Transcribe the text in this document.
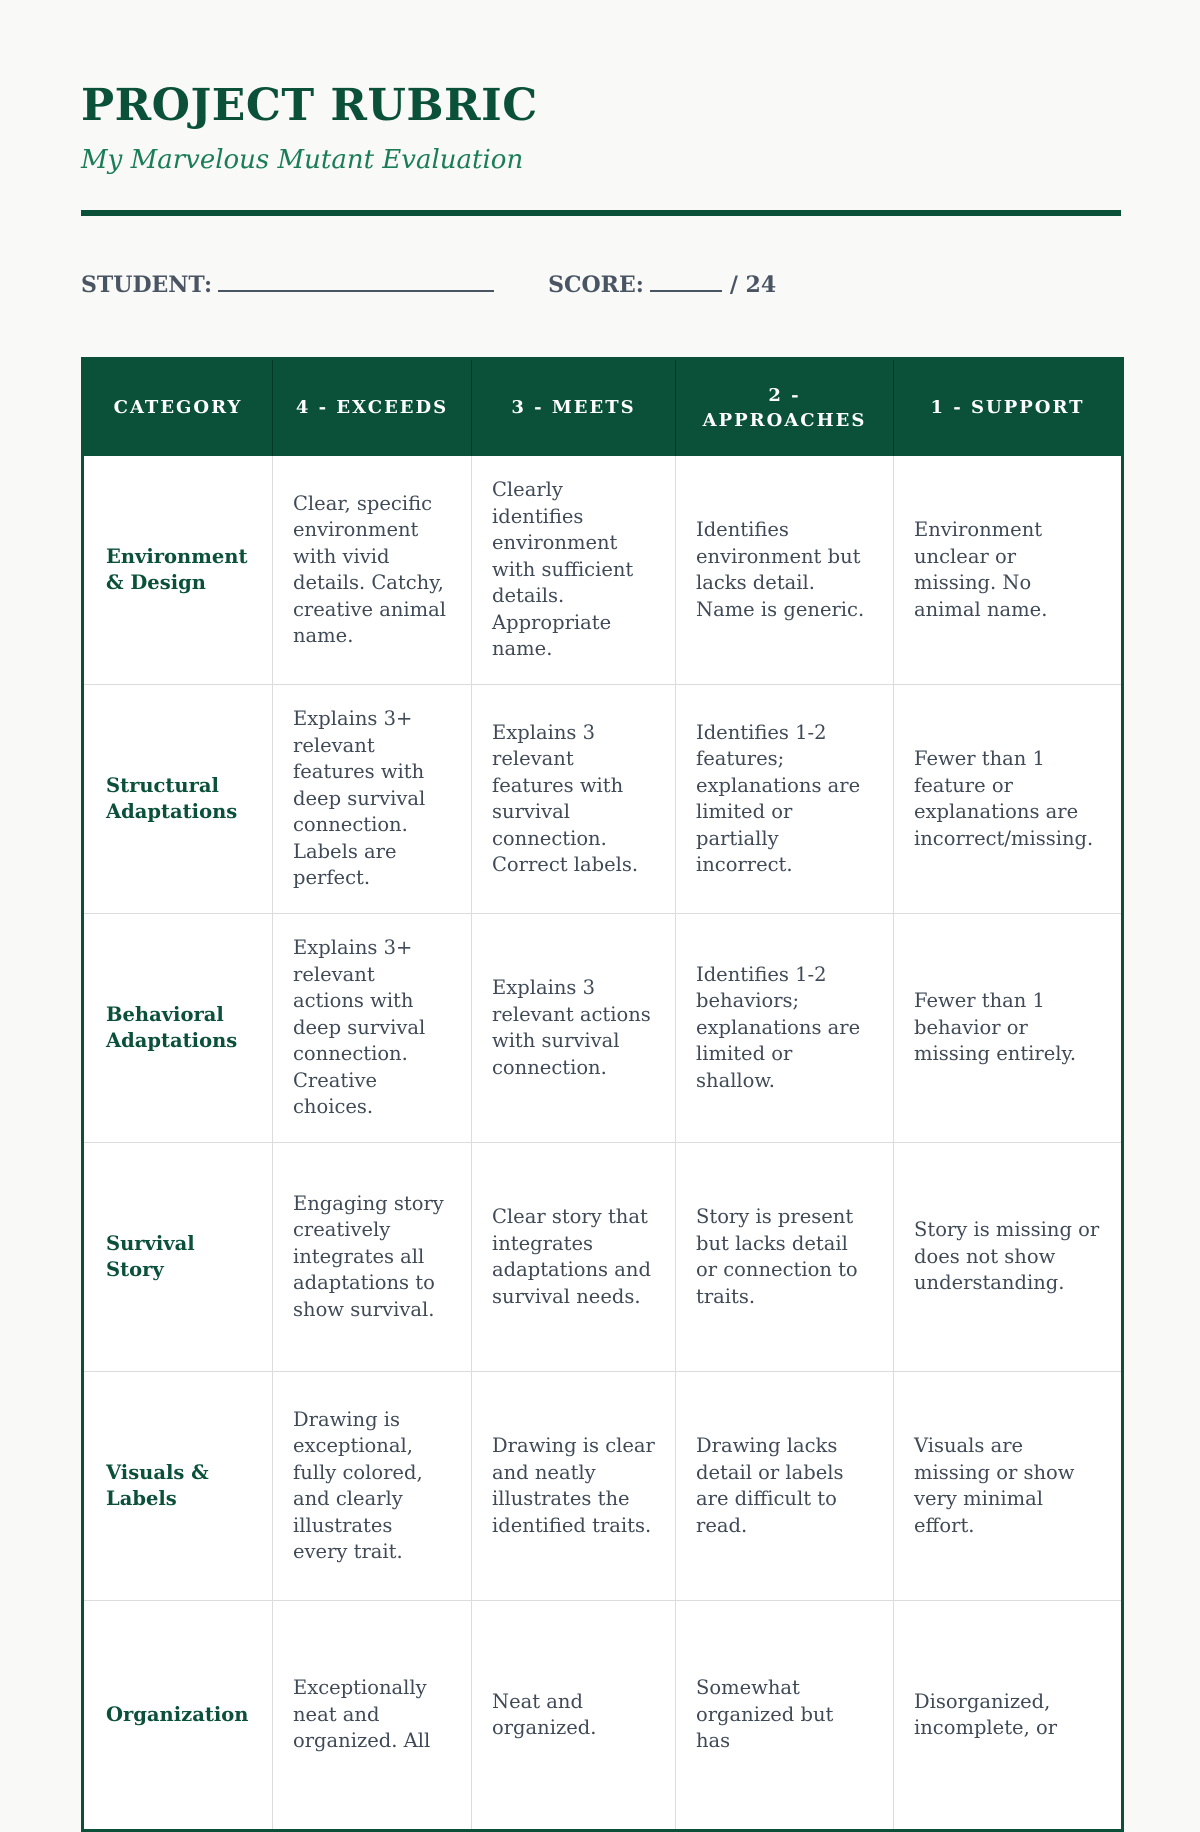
PROJECT RUBRIC
My Marvelous Mutant Evaluation
STUDENT:	SCORE:	/ 24
CATEGORY	4 - EXCEEDS	3 - MEETS	2 - APPROACHES	1 - SUPPORT
Environment & Design	Clear, specific environment with vivid details. Catchy, creative animal name.	Clearly identifies environment with sufficient details. Appropriate name.	Identifies environment but lacks detail. Name is generic.	Environment unclear or missing. No animal name.
Structural Adaptations	Explains 3+ relevant features with deep survival connection. Labels are perfect.	Explains 3 relevant features with survival connection. Correct labels.	Identifies 1-2 features; explanations are limited or partially incorrect.	Fewer than 1 feature or explanations are incorrect/missing.
Behavioral Adaptations	Explains 3+ relevant actions with deep survival connection. Creative choices.	Explains 3 relevant actions with survival connection.	Identifies 1-2 behaviors; explanations are limited or shallow.	Fewer than 1 behavior or missing entirely.
Survival Story	Engaging story creatively integrates all adaptations to show survival.	Clear story that integrates adaptations and survival needs.	Story is present but lacks detail or connection to traits.	Story is missing or does not show understanding.
Visuals & Labels	Drawing is exceptional, fully colored, and clearly illustrates every trait.	Drawing is clear and neatly illustrates the identified traits.	Drawing lacks detail or labels are difficult to read.	Visuals are missing or show very minimal effort.
Organization	Exceptionally neat and organized. All	Neat and organized.	Somewhat organized but has	Disorganized, incomplete, or
